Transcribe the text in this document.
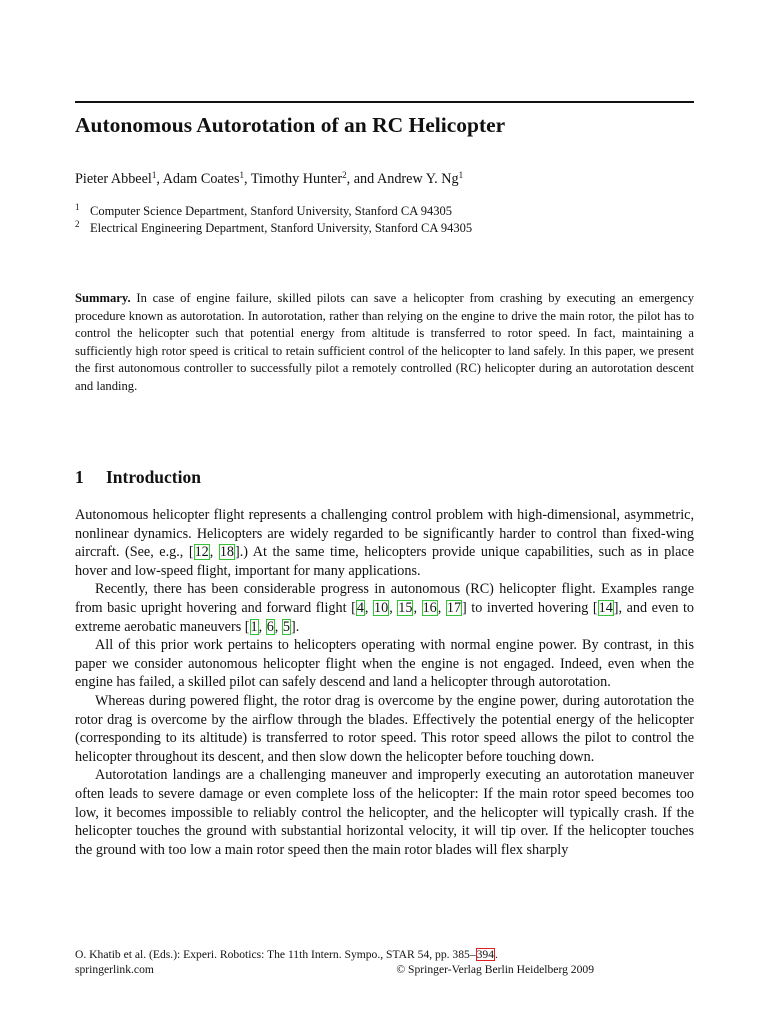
Autonomous Autorotation of an RC Helicopter
Pieter Abbeel$^1$, Adam Coates$^1$, Timothy Hunter$^2$, and Andrew Y. Ng$^1$
1 Computer Science Department, Stanford University, Stanford CA 94305
2 Electrical Engineering Department, Stanford University, Stanford CA 94305
Summary. In case of engine failure, skilled pilots can save a helicopter from crashing by executing an emergency procedure known as autorotation. In autorotation, rather than relying on the engine to drive the main rotor, the pilot has to control the helicopter such that potential energy from altitude is transferred to rotor speed. In fact, maintaining a sufficiently high rotor speed is critical to retain sufficient control of the helicopter to land safely. In this paper, we present the first autonomous controller to successfully pilot a remotely controlled (RC) helicopter during an autorotation descent and landing.
1	Introduction

Autonomous helicopter flight represents a challenging control problem with high-dimensional, asymmetric, nonlinear dynamics. Helicopters are widely regarded to be significantly harder to control than fixed-wing aircraft. (See, e.g., [12, 18].) At the same time, helicopters provide unique capabilities, such as in place hover and low-speed flight, important for many applications.

Recently, there has been considerable progress in autonomous (RC) helicopter flight. Examples range from basic upright hovering and forward flight [4, 10, 15, 16, 17] to inverted hovering [14], and even to extreme aerobatic maneuvers [1, 6, 5].

All of this prior work pertains to helicopters operating with normal engine power. By contrast, in this paper we consider autonomous helicopter flight when the engine is not engaged. Indeed, even when the engine has failed, a skilled pilot can safely descend and land a helicopter through autorotation.

Whereas during powered flight, the rotor drag is overcome by the engine power, during autorotation the rotor drag is overcome by the airflow through the blades. Effectively the potential energy of the helicopter (corresponding to its altitude) is transferred to rotor speed. This rotor speed allows the pilot to control the helicopter throughout its descent, and then slow down the helicopter before touching down.

Autorotation landings are a challenging maneuver and improperly executing an autorotation maneuver often leads to severe damage or even complete loss of the helicopter: If the main rotor speed becomes too low, it becomes impossible to reliably control the helicopter, and the helicopter will typically crash. If the helicopter touches the ground with substantial horizontal velocity, it will tip over. If the helicopter touches the ground with too low a main rotor speed then the main rotor blades will flex sharply

O. Khatib et al. (Eds.): Experi. Robotics: The 11th Intern. Sympo., STAR 54, pp. 385–394.
springerlink.com	© Springer-Verlag Berlin Heidelberg 2009
